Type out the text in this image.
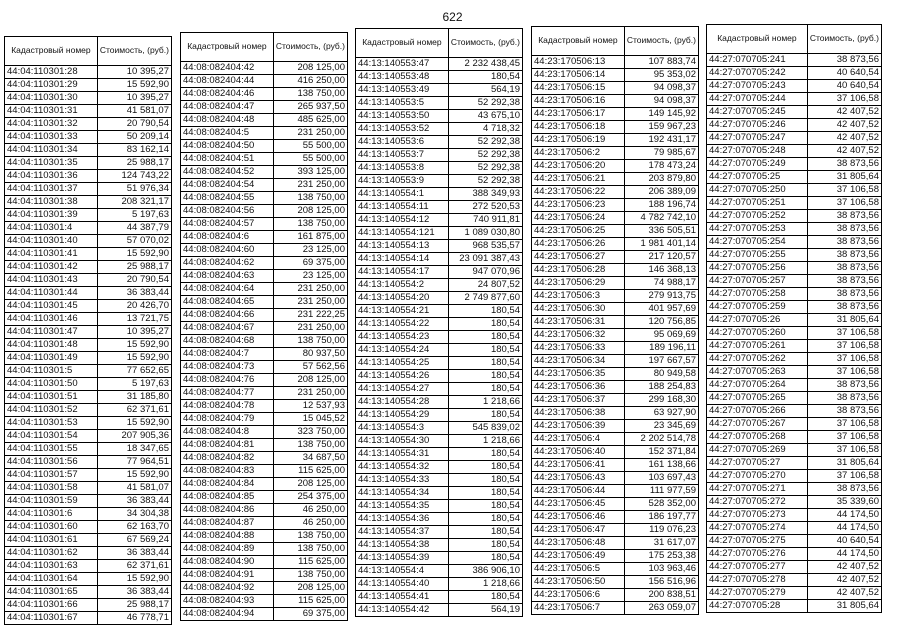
622
Кадастровый номер	Стоимость, (руб.)
44:04:110301:28	10 395,27
44:04:110301:29	15 592,90
44:04:110301:30	10 395,27
44:04:110301:31	41 581,07
44:04:110301:32	20 790,54
44:04:110301:33	50 209,14
44:04:110301:34	83 162,14
44:04:110301:35	25 988,17
44:04:110301:36	124 743,22
44:04:110301:37	51 976,34
44:04:110301:38	208 321,17
44:04:110301:39	5 197,63
44:04:110301:4	44 387,79
44:04:110301:40	57 070,02
44:04:110301:41	15 592,90
44:04:110301:42	25 988,17
44:04:110301:43	20 790,54
44:04:110301:44	36 383,44
44:04:110301:45	20 426,70
44:04:110301:46	13 721,75
44:04:110301:47	10 395,27
44:04:110301:48	15 592,90
44:04:110301:49	15 592,90
44:04:110301:5	77 652,65
44:04:110301:50	5 197,63
44:04:110301:51	31 185,80
44:04:110301:52	62 371,61
44:04:110301:53	15 592,90
44:04:110301:54	207 905,36
44:04:110301:55	18 347,65
44:04:110301:56	77 964,51
44:04:110301:57	15 592,90
44:04:110301:58	41 581,07
44:04:110301:59	36 383,44
44:04:110301:6	34 304,38
44:04:110301:60	62 163,70
44:04:110301:61	67 569,24
44:04:110301:62	36 383,44
44:04:110301:63	62 371,61
44:04:110301:64	15 592,90
44:04:110301:65	36 383,44
44:04:110301:66	25 988,17
44:04:110301:67	46 778,71
Кадастровый номер	Стоимость, (руб.)
44:08:082404:42	208 125,00
44:08:082404:44	416 250,00
44:08:082404:46	138 750,00
44:08:082404:47	265 937,50
44:08:082404:48	485 625,00
44:08:082404:5	231 250,00
44:08:082404:50	55 500,00
44:08:082404:51	55 500,00
44:08:082404:52	393 125,00
44:08:082404:54	231 250,00
44:08:082404:55	138 750,00
44:08:082404:56	208 125,00
44:08:082404:57	138 750,00
44:08:082404:6	161 875,00
44:08:082404:60	23 125,00
44:08:082404:62	69 375,00
44:08:082404:63	23 125,00
44:08:082404:64	231 250,00
44:08:082404:65	231 250,00
44:08:082404:66	231 222,25
44:08:082404:67	231 250,00
44:08:082404:68	138 750,00
44:08:082404:7	80 937,50
44:08:082404:73	57 562,56
44:08:082404:76	208 125,00
44:08:082404:77	231 250,00
44:08:082404:78	12 537,93
44:08:082404:79	15 045,52
44:08:082404:8	323 750,00
44:08:082404:81	138 750,00
44:08:082404:82	34 687,50
44:08:082404:83	115 625,00
44:08:082404:84	208 125,00
44:08:082404:85	254 375,00
44:08:082404:86	46 250,00
44:08:082404:87	46 250,00
44:08:082404:88	138 750,00
44:08:082404:89	138 750,00
44:08:082404:90	115 625,00
44:08:082404:91	138 750,00
44:08:082404:92	208 125,00
44:08:082404:93	115 625,00
44:08:082404:94	69 375,00
Кадастровый номер	Стоимость, (руб.)
44:13:140553:47	2 232 438,45
44:13:140553:48	180,54
44:13:140553:49	564,19
44:13:140553:5	52 292,38
44:13:140553:50	43 675,10
44:13:140553:52	4 718,32
44:13:140553:6	52 292,38
44:13:140553:7	52 292,38
44:13:140553:8	52 292,38
44:13:140553:9	52 292,38
44:13:140554:1	388 349,93
44:13:140554:11	272 520,53
44:13:140554:12	740 911,81
44:13:140554:121	1 089 030,80
44:13:140554:13	968 535,57
44:13:140554:14	23 091 387,43
44:13:140554:17	947 070,96
44:13:140554:2	24 807,52
44:13:140554:20	2 749 877,60
44:13:140554:21	180,54
44:13:140554:22	180,54
44:13:140554:23	180,54
44:13:140554:24	180,54
44:13:140554:25	180,54
44:13:140554:26	180,54
44:13:140554:27	180,54
44:13:140554:28	1 218,66
44:13:140554:29	180,54
44:13:140554:3	545 839,02
44:13:140554:30	1 218,66
44:13:140554:31	180,54
44:13:140554:32	180,54
44:13:140554:33	180,54
44:13:140554:34	180,54
44:13:140554:35	180,54
44:13:140554:36	180,54
44:13:140554:37	180,54
44:13:140554:38	180,54
44:13:140554:39	180,54
44:13:140554:4	386 906,10
44:13:140554:40	1 218,66
44:13:140554:41	180,54
44:13:140554:42	564,19
Кадастровый номер	Стоимость, (руб.)
44:23:170506:13	107 883,74
44:23:170506:14	95 353,02
44:23:170506:15	94 098,37
44:23:170506:16	94 098,37
44:23:170506:17	149 145,92
44:23:170506:18	159 967,23
44:23:170506:19	192 431,17
44:23:170506:2	79 985,67
44:23:170506:20	178 473,24
44:23:170506:21	203 879,80
44:23:170506:22	206 389,09
44:23:170506:23	188 196,74
44:23:170506:24	4 782 742,10
44:23:170506:25	336 505,51
44:23:170506:26	1 981 401,14
44:23:170506:27	217 120,57
44:23:170506:28	146 368,13
44:23:170506:29	74 988,17
44:23:170506:3	279 913,75
44:23:170506:30	401 957,69
44:23:170506:31	120 756,85
44:23:170506:32	95 069,69
44:23:170506:33	189 196,11
44:23:170506:34	197 667,57
44:23:170506:35	80 949,58
44:23:170506:36	188 254,83
44:23:170506:37	299 168,30
44:23:170506:38	63 927,90
44:23:170506:39	23 345,69
44:23:170506:4	2 202 514,78
44:23:170506:40	152 371,84
44:23:170506:41	161 138,66
44:23:170506:43	103 697,43
44:23:170506:44	111 977,59
44:23:170506:45	528 352,00
44:23:170506:46	186 197,77
44:23:170506:47	119 076,23
44:23:170506:48	31 617,07
44:23:170506:49	175 253,38
44:23:170506:5	103 963,46
44:23:170506:50	156 516,96
44:23:170506:6	200 838,51
44:23:170506:7	263 059,07
Кадастровый номер	Стоимость, (руб.)
44:27:070705:241	38 873,56
44:27:070705:242	40 640,54
44:27:070705:243	40 640,54
44:27:070705:244	37 106,58
44:27:070705:245	42 407,52
44:27:070705:246	42 407,52
44:27:070705:247	42 407,52
44:27:070705:248	42 407,52
44:27:070705:249	38 873,56
44:27:070705:25	31 805,64
44:27:070705:250	37 106,58
44:27:070705:251	37 106,58
44:27:070705:252	38 873,56
44:27:070705:253	38 873,56
44:27:070705:254	38 873,56
44:27:070705:255	38 873,56
44:27:070705:256	38 873,56
44:27:070705:257	38 873,56
44:27:070705:258	38 873,56
44:27:070705:259	38 873,56
44:27:070705:26	31 805,64
44:27:070705:260	37 106,58
44:27:070705:261	37 106,58
44:27:070705:262	37 106,58
44:27:070705:263	37 106,58
44:27:070705:264	38 873,56
44:27:070705:265	38 873,56
44:27:070705:266	38 873,56
44:27:070705:267	37 106,58
44:27:070705:268	37 106,58
44:27:070705:269	37 106,58
44:27:070705:27	31 805,64
44:27:070705:270	37 106,58
44:27:070705:271	38 873,56
44:27:070705:272	35 339,60
44:27:070705:273	44 174,50
44:27:070705:274	44 174,50
44:27:070705:275	40 640,54
44:27:070705:276	44 174,50
44:27:070705:277	42 407,52
44:27:070705:278	42 407,52
44:27:070705:279	42 407,52
44:27:070705:28	31 805,64
